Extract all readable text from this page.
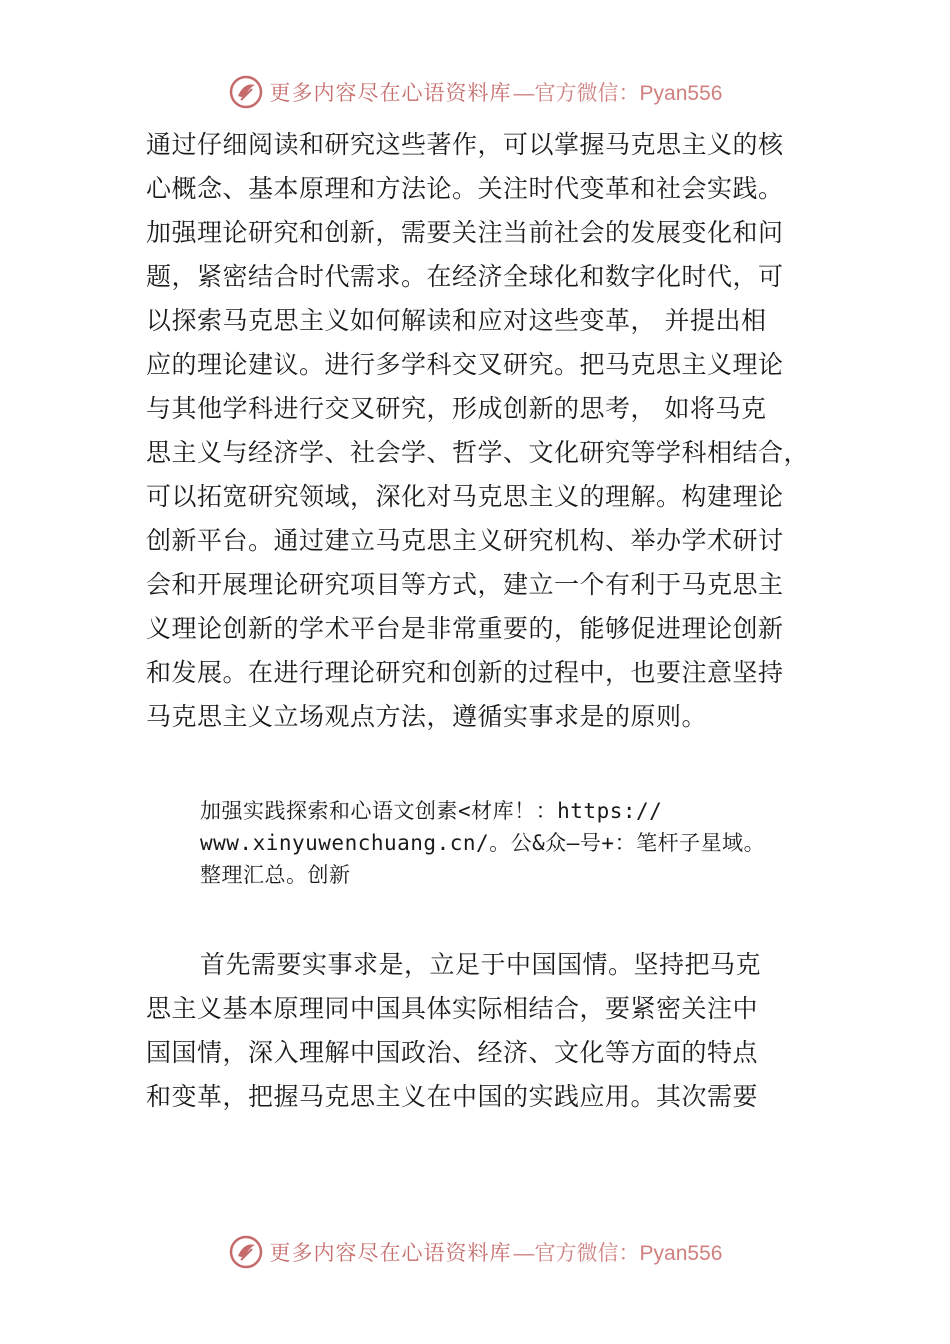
更多内容尽在心语资料库 —官方微信：Pyan556
通过仔细阅读和研究这些著作，可以掌握马克思主义的核
心概念、基本原理和方法论。关注时代变革和社会实践。
加强理论研究和创新，需要关注当前社会的发展变化和问
题，紧密结合时代需求。在经济全球化和数字化时代，可
以探索马克思主义如何解读和应对这些变革， 并提出相
应的理论建议。进行多学科交叉研究。把马克思主义理论
与其他学科进行交叉研究，形成创新的思考， 如将马克
思主义与经济学、社会学、哲学、文化研究等学科相结合，
可以拓宽研究领域，深化对马克思主义的理解。构建理论
创新平台。通过建立马克思主义研究机构、举办学术研讨
会和开展理论研究项目等方式，建立一个有利于马克思主
义理论创新的学术平台是非常重要的，能够促进理论创新
和发展。在进行理论研究和创新的过程中，也要注意坚持
马克思主义立场观点方法，遵循实事求是的原则。
加强实践探索和心语文创素<材库！：https://
www.xinyuwenchuang.cn/。公&众—号+：笔杆子星域。
整理汇总。创新
首先需要实事求是，立足于中国国情。坚持把马克
思主义基本原理同中国具体实际相结合，要紧密关注中
国国情，深入理解中国政治、经济、文化等方面的特点
和变革，把握马克思主义在中国的实践应用。其次需要
更多内容尽在心语资料库 —官方微信：Pyan556
